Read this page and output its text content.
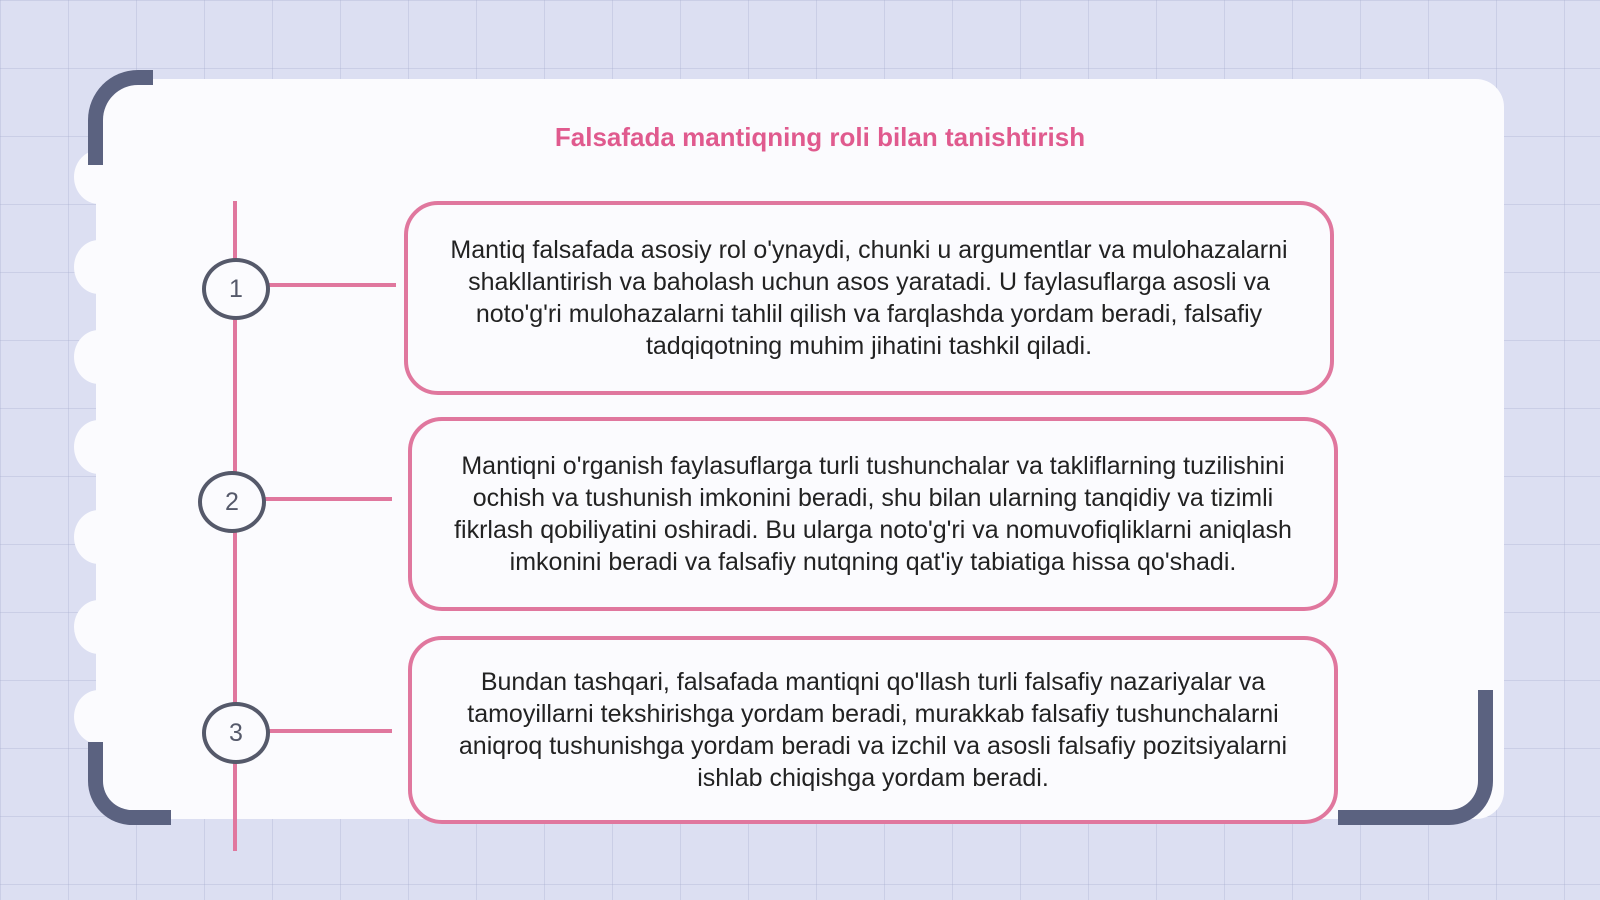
Falsafada mantiqning roli bilan tanishtirish
1
2
3

Mantiq falsafada asosiy rol o'ynaydi, chunki u argumentlar va mulohazalarni shakllantirish va baholash uchun asos yaratadi. U faylasuflarga asosli va noto'g'ri mulohazalarni tahlil qilish va farqlashda yordam beradi, falsafiy tadqiqotning muhim jihatini tashkil qiladi.

Mantiqni o'rganish faylasuflarga turli tushunchalar va takliflarning tuzilishini ochish va tushunish imkonini beradi, shu bilan ularning tanqidiy va tizimli fikrlash qobiliyatini oshiradi. Bu ularga noto'g'ri va nomuvofiqliklarni aniqlash imkonini beradi va falsafiy nutqning qat'iy tabiatiga hissa qo'shadi.

Bundan tashqari, falsafada mantiqni qo'llash turli falsafiy nazariyalar va tamoyillarni tekshirishga yordam beradi, murakkab falsafiy tushunchalarni aniqroq tushunishga yordam beradi va izchil va asosli falsafiy pozitsiyalarni ishlab chiqishga yordam beradi.
